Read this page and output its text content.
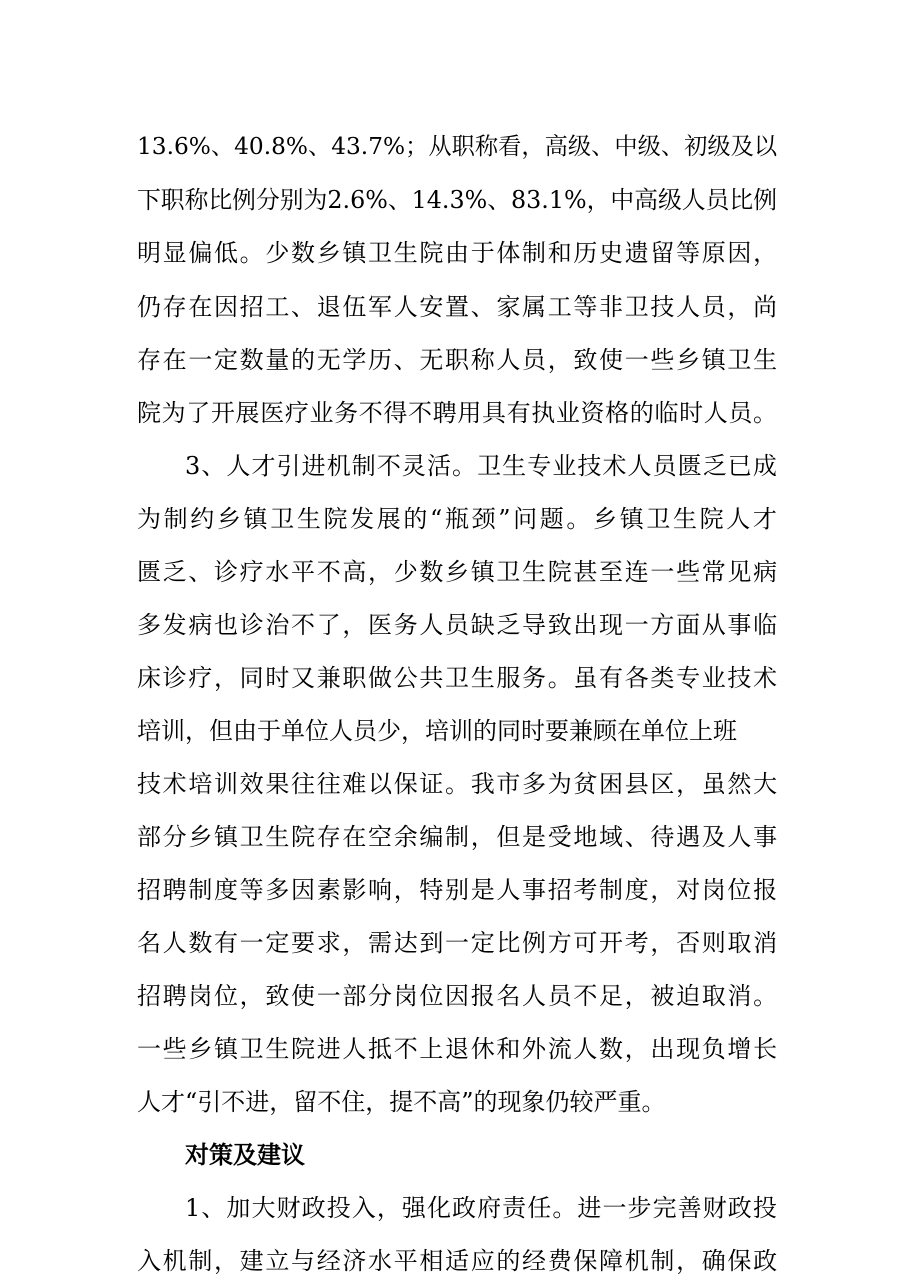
13.6%、40.8%、43.7%；从职称看，高级、中级、初级及以
下职称比例分别为2.6%、14.3%、83.1%，中高级人员比例
明显偏低。少数乡镇卫生院由于体制和历史遗留等原因，
仍存在因招工、退伍军人安置、家属工等非卫技人员，尚
存在一定数量的无学历、无职称人员，致使一些乡镇卫生
院为了开展医疗业务不得不聘用具有执业资格的临时人员。
3、人才引进机制不灵活。卫生专业技术人员匮乏已成
为制约乡镇卫生院发展的“瓶颈”问题。乡镇卫生院人才
匮乏、诊疗水平不高，少数乡镇卫生院甚至连一些常见病
多发病也诊治不了，医务人员缺乏导致出现一方面从事临
床诊疗，同时又兼职做公共卫生服务。虽有各类专业技术
培训，但由于单位人员少，培训的同时要兼顾在单位上班
技术培训效果往往难以保证。我市多为贫困县区，虽然大
部分乡镇卫生院存在空余编制，但是受地域、待遇及人事
招聘制度等多因素影响，特别是人事招考制度，对岗位报
名人数有一定要求，需达到一定比例方可开考，否则取消
招聘岗位，致使一部分岗位因报名人员不足，被迫取消。
一些乡镇卫生院进人抵不上退休和外流人数，出现负增长
人才“引不进，留不住，提不高”的现象仍较严重。
对策及建议
1、加大财政投入，强化政府责任。进一步完善财政投
入机制，建立与经济水平相适应的经费保障机制，确保政
